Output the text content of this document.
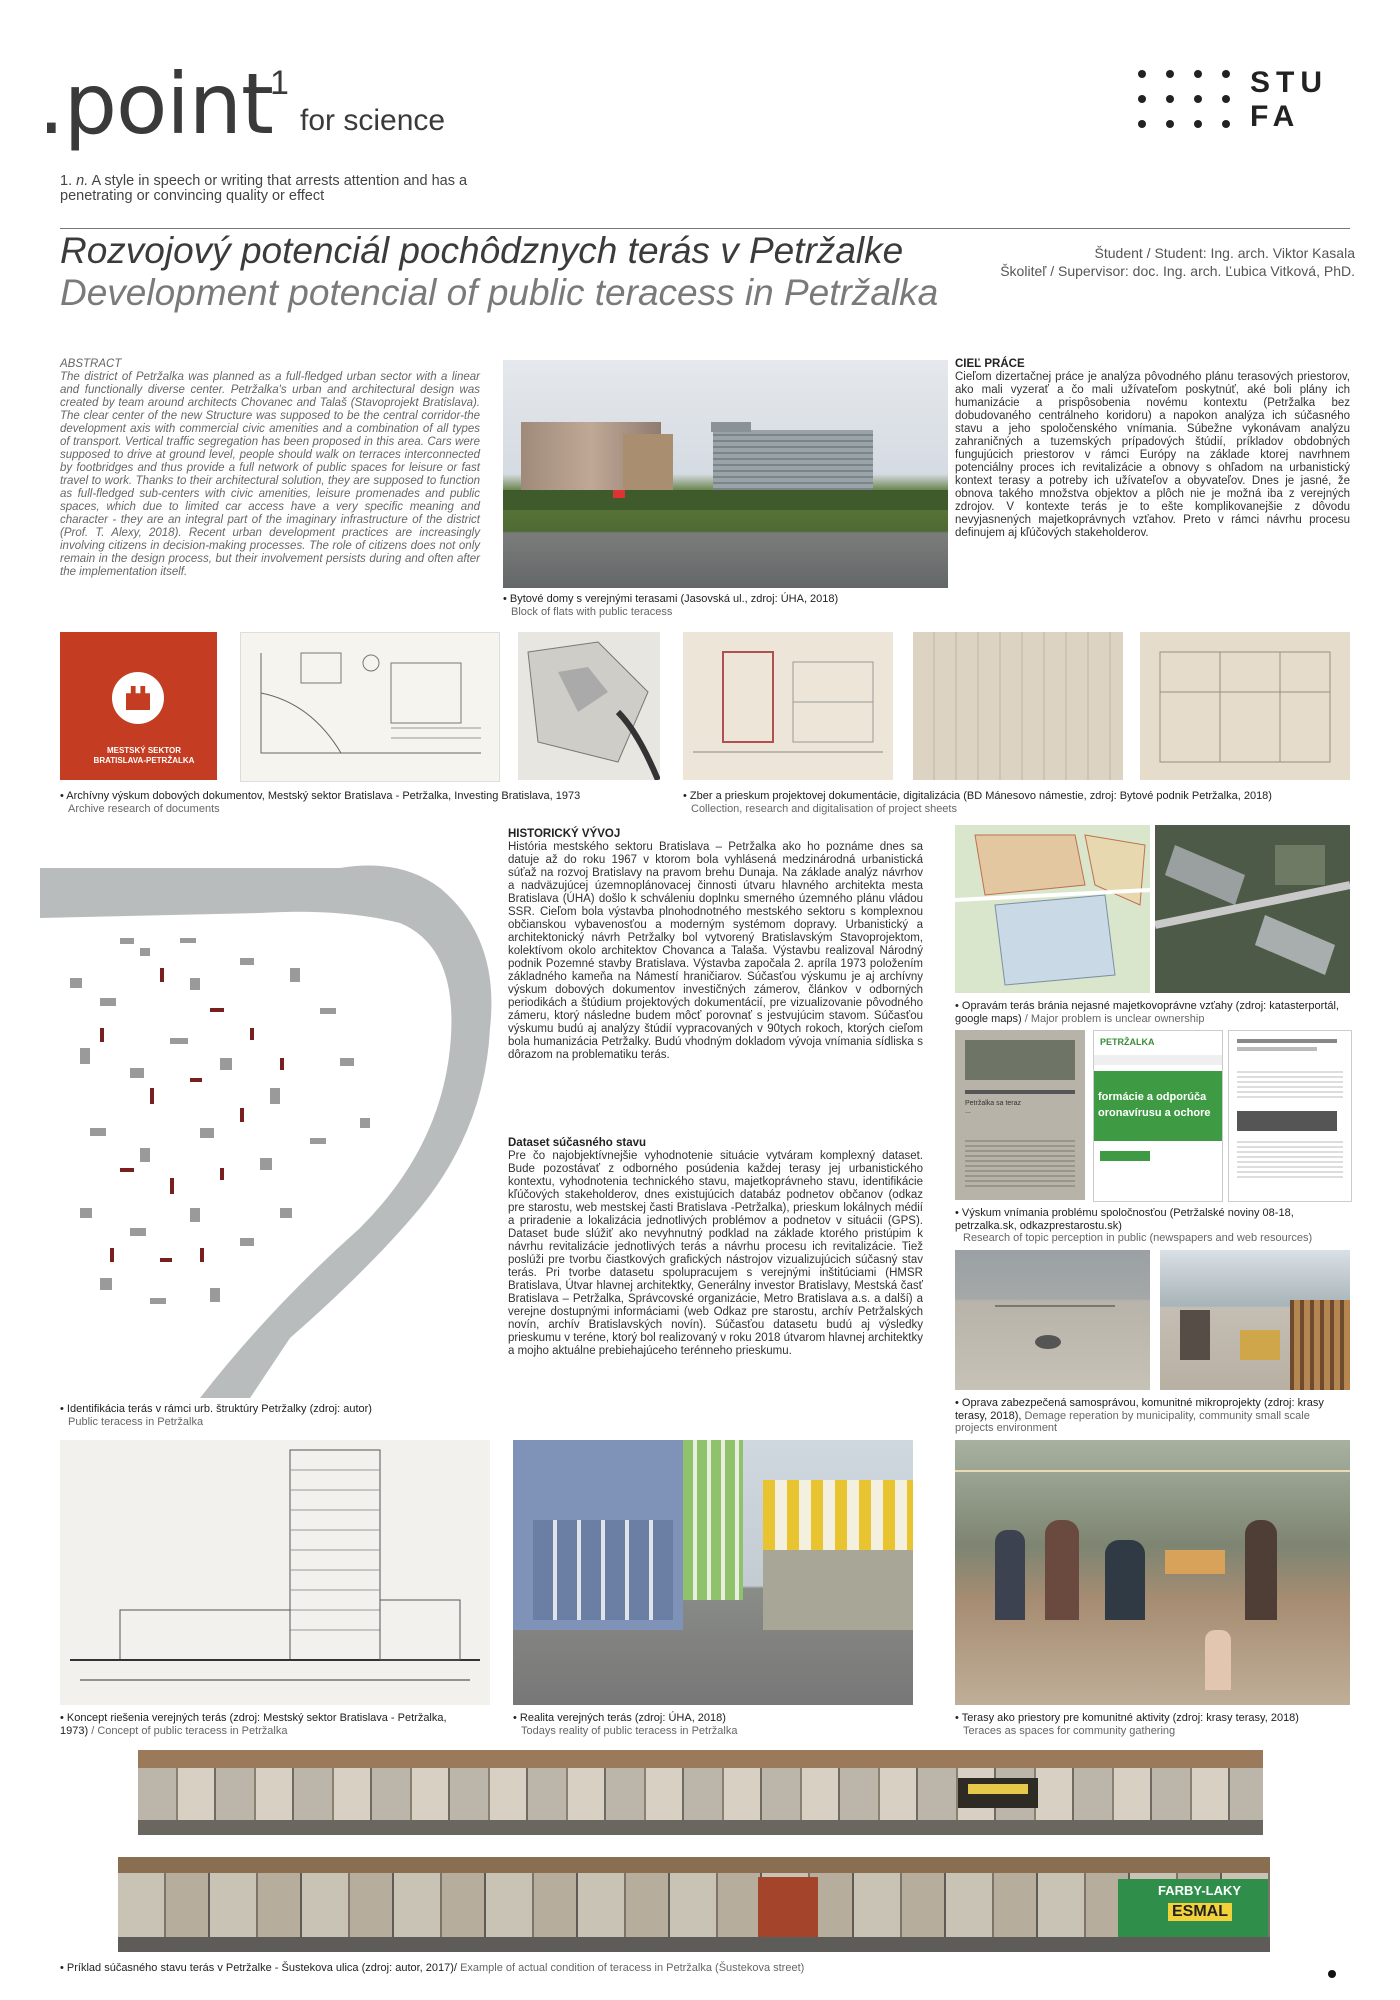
.point
1
for science
1. n. A style in speech or writing that arrests attention and has a penetrating or convincing quality or effect
STU
FA
Rozvojový potenciál pochôdznych terás v Petržalke
Development potencial of public teracess in Petržalka
Študent / Student: Ing. arch. Viktor Kasala
Školiteľ / Supervisor: doc. Ing. arch. Ľubica Vitková, PhD.
ABSTRACT
The district of Petržalka was planned as a full-fledged urban sector with a linear and functionally diverse center. Petržalka's urban and architectural design was created by team around architects Chovanec and Talaš (Stavoprojekt Bratislava). The clear center of the new Structure was supposed to be the central corridor-the development axis with commercial civic amenities and a combination of all types of transport. Vertical traffic segregation has been proposed in this area. Cars were supposed to drive at ground level, people should walk on terraces interconnected by footbridges and thus provide a full network of public spaces for leisure or fast travel to work. Thanks to their architectural solution, they are supposed to function as full-fledged sub-centers with civic amenities, leisure promenades and public spaces, which due to limited car access have a very specific meaning and character - they are an integral part of the imaginary infrastructure of the district (Prof. T. Alexy, 2018). Recent urban development practices are increasingly involving citizens in decision-making processes. The role of citizens does not only remain in the design process, but their involvement persists during and often after the implementation itself.
• Bytové domy s verejnými terasami (Jasovská ul., zdroj: ÚHA, 2018)
Block of flats with public teracess
CIEĽ PRÁCE
Cieľom dizertačnej práce je analýza pôvodného plánu terasových priestorov, ako mali vyzerať a čo mali užívateľom poskytnúť, aké boli plány ich humanizácie a prispôsobenia novému kontextu (Petržalka bez dobudovaného centrálneho koridoru) a napokon analýza ich súčasného stavu a jeho spoločenského vnímania. Súbežne vykonávam analýzu zahraničných a tuzemských prípadových štúdií, príkladov obdobných fungujúcich priestorov v rámci Európy na základe ktorej navrhnem potenciálny proces ich revitalizácie a obnovy s ohľadom na urbanistický kontext terasy a potreby ich užívateľov a obyvateľov. Dnes je jasné, že obnova takého množstva objektov a plôch nie je možná iba z verejných zdrojov. V kontexte terás je to ešte komplikovanejšie z dôvodu nevyjasnených majetkoprávnych vzťahov. Preto v rámci návrhu procesu definujem aj kľúčových stakeholderov.
MESTSKÝ SEKTOR
BRATISLAVA-PETRŽALKA
• Archívny výskum dobových dokumentov, Mestský sektor Bratislava - Petržalka, Investing Bratislava, 1973
Archive research of documents
• Zber a prieskum projektovej dokumentácie, digitalizácia (BD Mánesovo námestie, zdroj: Bytové podnik Petržalka, 2018)
Collection, research and digitalisation of project sheets
• Identifikácia terás v rámci urb. štruktúry Petržalky (zdroj: autor)
Public teracess in Petržalka
HISTORICKÝ VÝVOJ
História mestského sektoru Bratislava – Petržalka ako ho poznáme dnes sa datuje až do roku 1967 v ktorom bola vyhlásená medzinárodná urbanistická súťaž na rozvoj Bratislavy na pravom brehu Dunaja. Na základe analýz návrhov a nadväzujúcej územnoplánovacej činnosti útvaru hlavného architekta mesta Bratislava (ÚHA) došlo k schváleniu doplnku smerného územného plánu vládou SSR. Cieľom bola výstavba plnohodnotného mestského sektoru s komplexnou občianskou vybavenosťou a moderným systémom dopravy. Urbanistický a architektonický návrh Petržalky bol vytvorený Bratislavským Stavoprojektom, kolektívom okolo architektov Chovanca a Talaša. Výstavbu realizoval Národný podnik Pozemné stavby Bratislava. Výstavba započala 2. apríla 1973 položením základného kameňa na Námestí hraničiarov. Súčasťou výskumu je aj archívny výskum dobových dokumentov investičných zámerov, článkov v odborných periodikách a štúdium projektových dokumentácií, pre vizualizovanie pôvodného zámeru, ktorý následne budem môcť porovnať s jestvujúcim stavom. Súčasťou výskumu budú aj analýzy štúdií vypracovaných v 90tych rokoch, ktorých cieľom bola humanizácia Petržalky. Budú vhodným dokladom vývoja vnímania sídliska s dôrazom na problematiku terás.
Dataset súčasného stavu
Pre čo najobjektívnejšie vyhodnotenie situácie vytváram komplexný dataset. Bude pozostávať z odborného posúdenia každej terasy jej urbanistického kontextu, vyhodnotenia technického stavu, majetkoprávneho stavu, identifikácie kľúčových stakeholderov, dnes existujúcich databáz podnetov občanov (odkaz pre starostu, web mestskej časti Bratislava -Petržalka), prieskum lokálnych médií a priradenie a lokalizácia jednotlivých problémov a podnetov v situácii (GPS). Dataset bude slúžiť ako nevyhnutný podklad na základe ktorého pristúpim k návrhu revitalizácie jednotlivých terás a návrhu procesu ich revitalizácie. Tiež poslúži pre tvorbu čiastkových grafických nástrojov vizualizujúcich súčasný stav terás. Pri tvorbe datasetu spolupracujem s verejnými inštitúciami (HMSR Bratislava, Útvar hlavnej architektky, Generálny investor Bratislavy, Mestská časť Bratislava – Petržalka, Správcovské organizácie, Metro Bratislava a.s. a další) a verejne dostupnými informáciami (web Odkaz pre starostu, archív Petržalských novín, archív Bratislavských novín). Súčasťou datasetu budú aj výsledky prieskumu v teréne, ktorý bol realizovaný v roku 2018 útvarom hlavnej architektky a mojho aktuálne prebiehajúceho terénneho prieskumu.
• Opravám terás bránia nejasné majetkovoprávne vzťahy (zdroj: katasterportál, google maps) / Major problem is unclear ownership
Petržalka sa teraz ...
PETRŽALKA
formácie a odporúča
oronavírusu a ochore
• Výskum vnímania problému spoločnosťou (Petržalské noviny 08-18, petrzalka.sk, odkazprestarostu.sk)
Research of topic perception in public (newspapers and web resources)
• Oprava zabezpečená samosprávou, komunitné mikroprojekty (zdroj: krasy terasy, 2018), Demage reperation by municipality, community small scale projects environment
• Koncept riešenia verejných terás (zdroj: Mestský sektor Bratislava - Petržalka, 1973) / Concept of public teracess in Petržalka
• Realita verejných terás (zdroj: ÚHA, 2018)
Todays reality of public teracess in Petržalka
• Terasy ako priestory pre komunitné aktivity (zdroj: krasy terasy, 2018)
Teraces as spaces for community gathering
FARBY-LAKY
ESMAL
• Príklad súčasného stavu terás v Petržalke - Šustekova ulica (zdroj: autor, 2017)/ Example of actual condition of teracess in Petržalka (Šustekova street)
